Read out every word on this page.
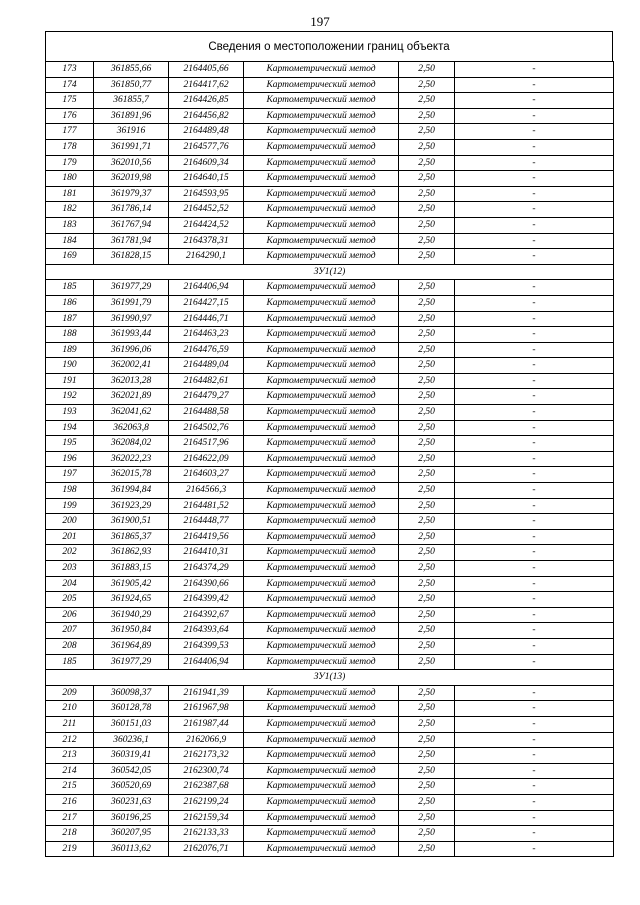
197
Сведения о местоположении границ объекта
173	361855,66	2164405,66	Картометрический метод	2,50	-
174	361850,77	2164417,62	Картометрический метод	2,50	-
175	361855,7	2164426,85	Картометрический метод	2,50	-
176	361891,96	2164456,82	Картометрический метод	2,50	-
177	361916	2164489,48	Картометрический метод	2,50	-
178	361991,71	2164577,76	Картометрический метод	2,50	-
179	362010,56	2164609,34	Картометрический метод	2,50	-
180	362019,98	2164640,15	Картометрический метод	2,50	-
181	361979,37	2164593,95	Картометрический метод	2,50	-
182	361786,14	2164452,52	Картометрический метод	2,50	-
183	361767,94	2164424,52	Картометрический метод	2,50	-
184	361781,94	2164378,31	Картометрический метод	2,50	-
169	361828,15	2164290,1	Картометрический метод	2,50	-
ЗУ1(12)					
185	361977,29	2164406,94	Картометрический метод	2,50	-
186	361991,79	2164427,15	Картометрический метод	2,50	-
187	361990,97	2164446,71	Картометрический метод	2,50	-
188	361993,44	2164463,23	Картометрический метод	2,50	-
189	361996,06	2164476,59	Картометрический метод	2,50	-
190	362002,41	2164489,04	Картометрический метод	2,50	-
191	362013,28	2164482,61	Картометрический метод	2,50	-
192	362021,89	2164479,27	Картометрический метод	2,50	-
193	362041,62	2164488,58	Картометрический метод	2,50	-
194	362063,8	2164502,76	Картометрический метод	2,50	-
195	362084,02	2164517,96	Картометрический метод	2,50	-
196	362022,23	2164622,09	Картометрический метод	2,50	-
197	362015,78	2164603,27	Картометрический метод	2,50	-
198	361994,84	2164566,3	Картометрический метод	2,50	-
199	361923,29	2164481,52	Картометрический метод	2,50	-
200	361900,51	2164448,77	Картометрический метод	2,50	-
201	361865,37	2164419,56	Картометрический метод	2,50	-
202	361862,93	2164410,31	Картометрический метод	2,50	-
203	361883,15	2164374,29	Картометрический метод	2,50	-
204	361905,42	2164390,66	Картометрический метод	2,50	-
205	361924,65	2164399,42	Картометрический метод	2,50	-
206	361940,29	2164392,67	Картометрический метод	2,50	-
207	361950,84	2164393,64	Картометрический метод	2,50	-
208	361964,89	2164399,53	Картометрический метод	2,50	-
185	361977,29	2164406,94	Картометрический метод	2,50	-
ЗУ1(13)					
209	360098,37	2161941,39	Картометрический метод	2,50	-
210	360128,78	2161967,98	Картометрический метод	2,50	-
211	360151,03	2161987,44	Картометрический метод	2,50	-
212	360236,1	2162066,9	Картометрический метод	2,50	-
213	360319,41	2162173,32	Картометрический метод	2,50	-
214	360542,05	2162300,74	Картометрический метод	2,50	-
215	360520,69	2162387,68	Картометрический метод	2,50	-
216	360231,63	2162199,24	Картометрический метод	2,50	-
217	360196,25	2162159,34	Картометрический метод	2,50	-
218	360207,95	2162133,33	Картометрический метод	2,50	-
219	360113,62	2162076,71	Картометрический метод	2,50	-
